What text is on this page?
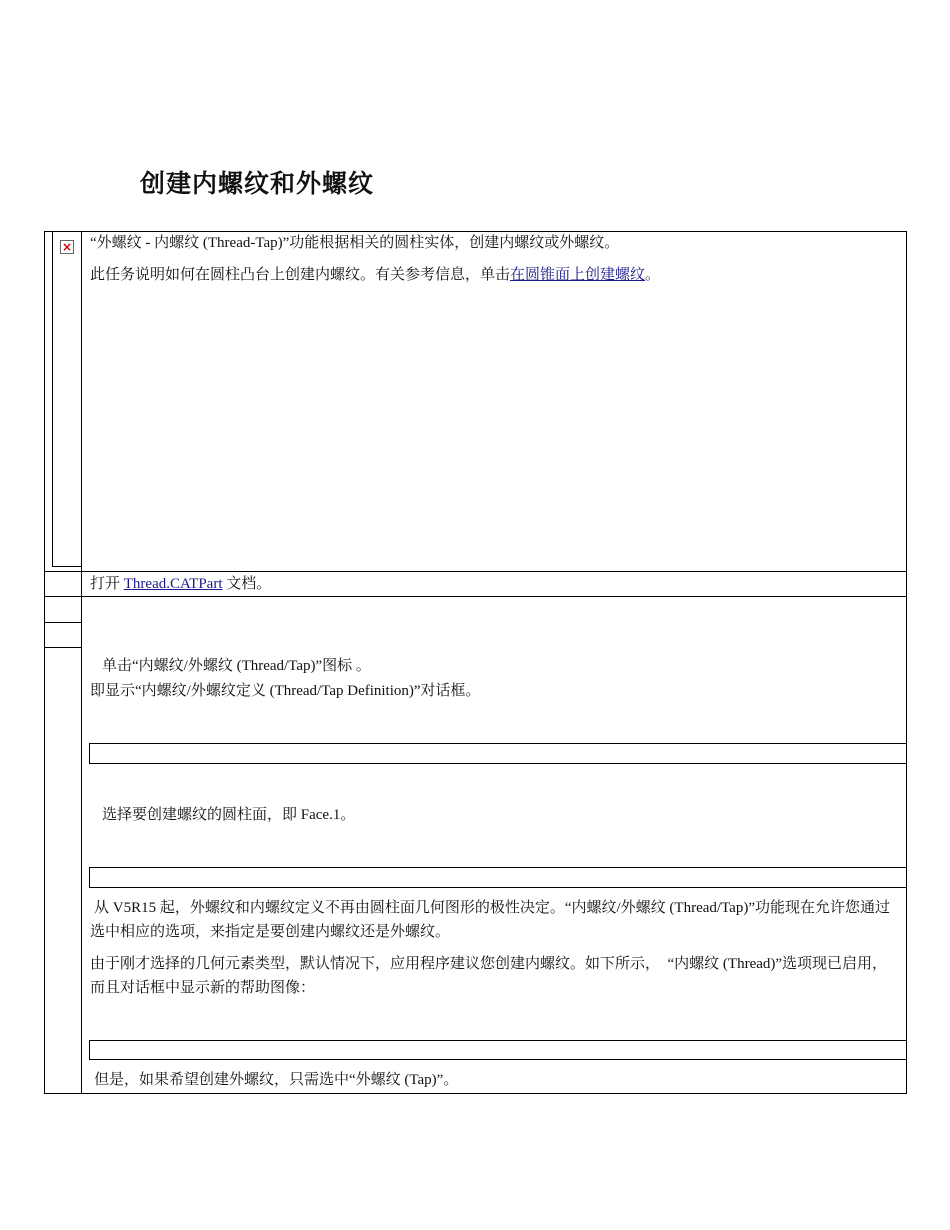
创建内螺纹和外螺纹
× “外螺纹 - 内螺纹 (Thread-Tap)”功能根据相关的圆柱实体，创建内螺纹或外螺纹。
此任务说明如何在圆柱凸台上创建内螺纹。有关参考信息，单击在圆锥面上创建螺纹。
打开 Thread.CATPart 文档。
单击“内螺纹/外螺纹 (Thread/Tap)”图标 。
即显示“内螺纹/外螺纹定义 (Thread/Tap Definition)”对话框。
选择要创建螺纹的圆柱面，即 Face.1。
从 V5R15 起，外螺纹和内螺纹定义不再由圆柱面几何图形的极性决定。“内螺纹/外螺纹 (Thread/Tap)”功能现在允许您通过选中相应的选项，来指定是要创建内螺纹还是外螺纹。
由于刚才选择的几何元素类型，默认情况下，应用程序建议您创建内螺纹。如下所示，　“内螺纹 (Thread)”选项现已启用，而且对话框中显示新的帮助图像：
但是，如果希望创建外螺纹，只需选中“外螺纹 (Tap)”。
